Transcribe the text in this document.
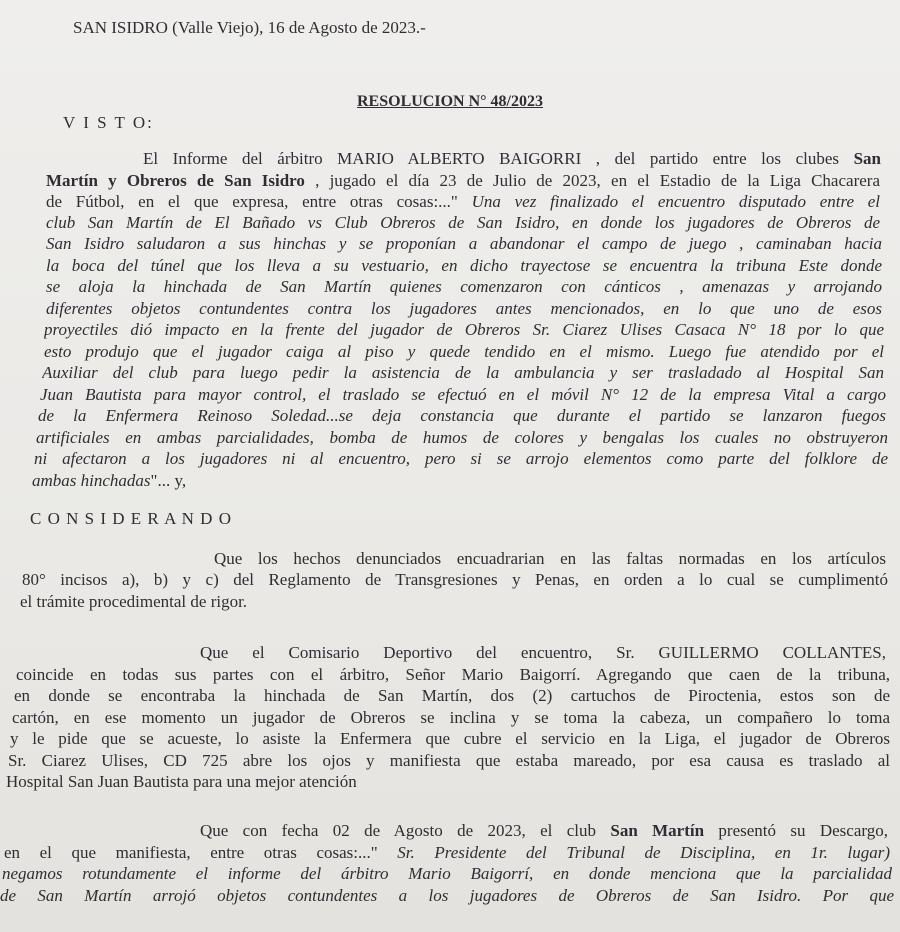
SAN ISIDRO (Valle Viejo), 16 de Agosto de 2023.-
RESOLUCION N° 48/2023
V I S T O:
El Informe del árbitro MARIO ALBERTO BAIGORRI , del partido entre los clubes San
Martín y Obreros de San Isidro , jugado el día 23 de Julio de 2023, en el Estadio de la Liga Chacarera
de Fútbol, en el que expresa, entre otras cosas:..." Una vez finalizado el encuentro disputado entre el
club San Martín de El Bañado vs Club Obreros de San Isidro, en donde los jugadores de Obreros de
San Isidro saludaron a sus hinchas y se proponían a abandonar el campo de juego , caminaban hacia
la boca del túnel que los lleva a su vestuario, en dicho trayectose se encuentra la tribuna Este donde
se aloja la hinchada de San Martín quienes comenzaron con cánticos , amenazas y arrojando
diferentes objetos contundentes contra los jugadores antes mencionados, en lo que uno de esos
proyectiles dió impacto en la frente del jugador de Obreros Sr. Ciarez Ulises Casaca N° 18 por lo que
esto produjo que el jugador caiga al piso y quede tendido en el mismo. Luego fue atendido por el
Auxiliar del club para luego pedir la asistencia de la ambulancia y ser trasladado al Hospital San
Juan Bautista para mayor control, el traslado se efectuó en el móvil N° 12 de la empresa Vital a cargo
de la Enfermera Reinoso Soledad...se deja constancia que durante el partido se lanzaron fuegos
artificiales en ambas parcialidades, bomba de humos de colores y bengalas los cuales no obstruyeron
ni afectaron a los jugadores ni al encuentro, pero si se arrojo elementos como parte del folklore de
ambas hinchadas"... y,
C O N S I D E R A N D O
Que los hechos denunciados encuadrarian en las faltas normadas en los artículos
80° incisos a), b) y c) del Reglamento de Transgresiones y Penas, en orden a lo cual se cumplimentó
el trámite procedimental de rigor.
Que el Comisario Deportivo del encuentro, Sr. GUILLERMO COLLANTES,
coincide en todas sus partes con el árbitro, Señor Mario Baigorrí. Agregando que caen de la tribuna,
en donde se encontraba la hinchada de San Martín, dos (2) cartuchos de Piroctenia, estos son de
cartón, en ese momento un jugador de Obreros se inclina y se toma la cabeza, un compañero lo toma
y le pide que se acueste, lo asiste la Enfermera que cubre el servicio en la Liga, el jugador de Obreros
Sr. Ciarez Ulises, CD 725 abre los ojos y manifiesta que estaba mareado, por esa causa es traslado al
Hospital San Juan Bautista para una mejor atención
Que con fecha 02 de Agosto de 2023, el club San Martín presentó su Descargo,
en el que manifiesta, entre otras cosas:..." Sr. Presidente del Tribunal de Disciplina, en 1r. lugar)
negamos rotundamente el informe del árbitro Mario Baigorrí, en donde menciona que la parcialidad
de San Martín arrojó objetos contundentes a los jugadores de Obreros de San Isidro. Por que
